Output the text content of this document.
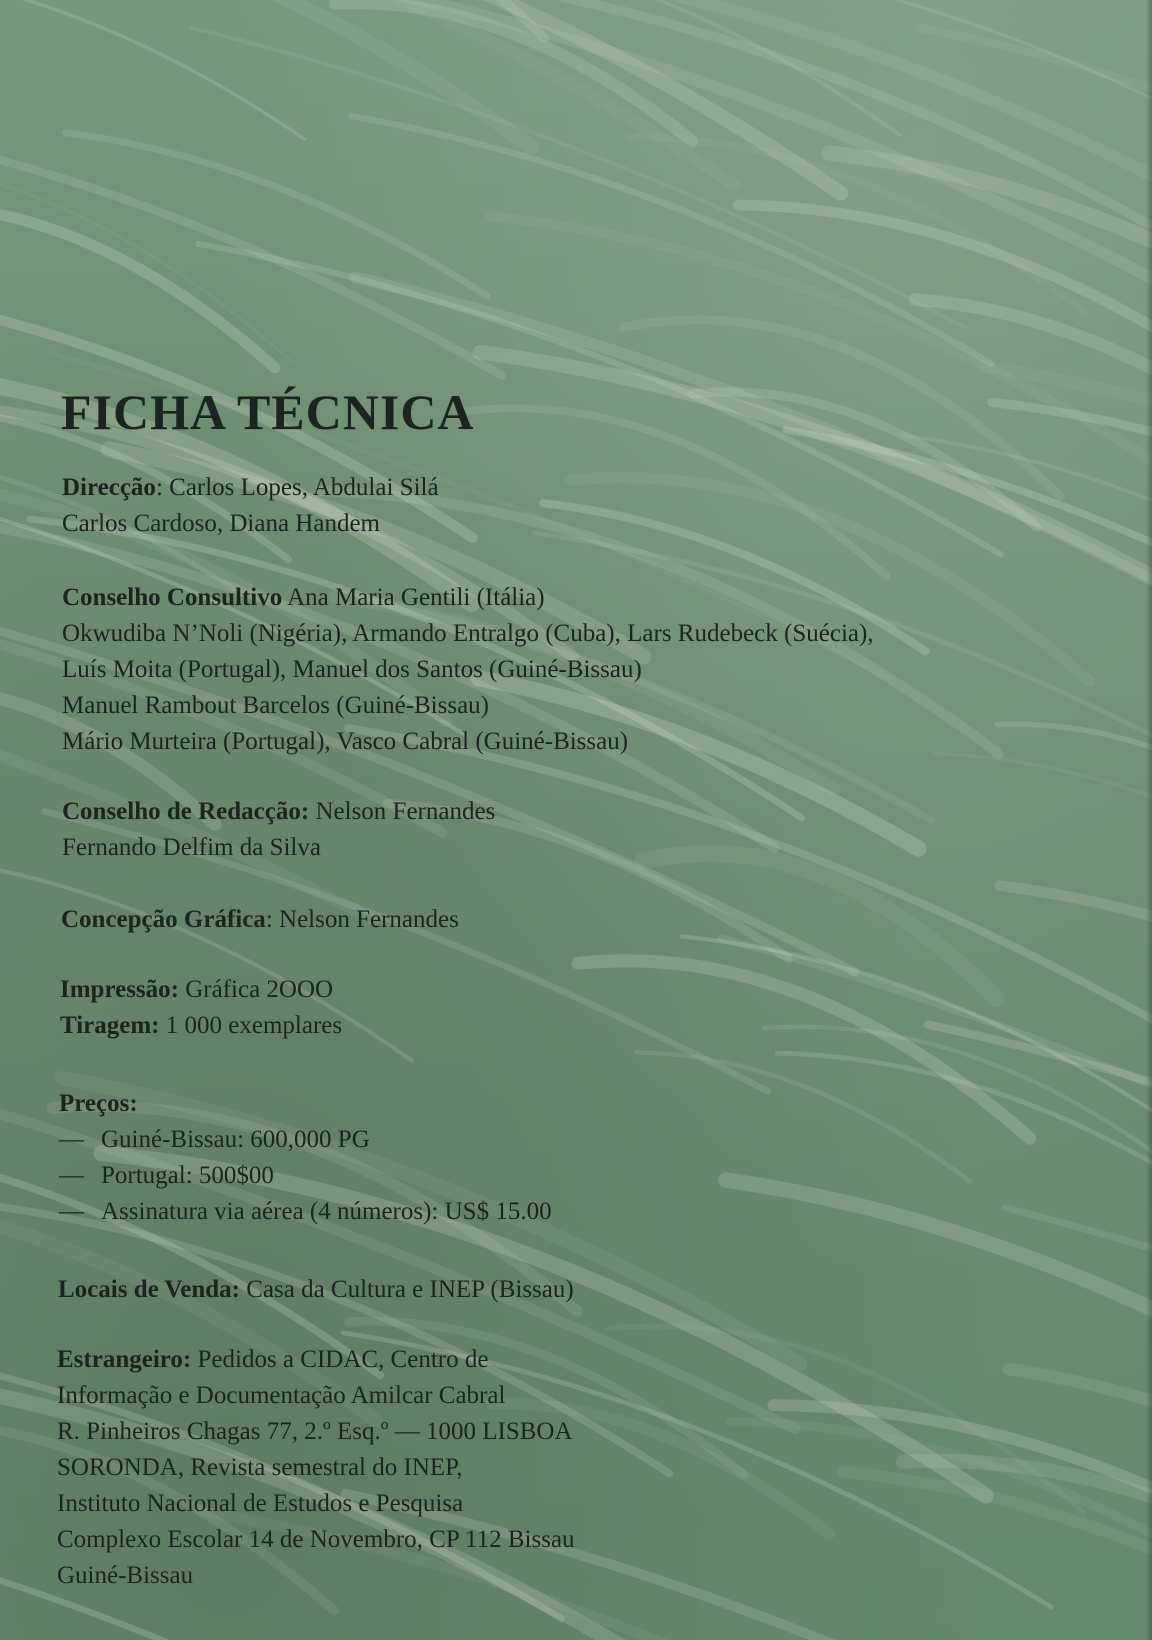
FICHA TÉCNICA

Direcção: Carlos Lopes, Abdulai Silá
Carlos Cardoso, Diana Handem

Conselho Consultivo Ana Maria Gentili (Itália)
Okwudiba N’Noli (Nigéria), Armando Entralgo (Cuba), Lars Rudebeck (Suécia),
Luís Moita (Portugal), Manuel dos Santos (Guiné-Bissau)
Manuel Rambout Barcelos (Guiné-Bissau)
Mário Murteira (Portugal), Vasco Cabral (Guiné-Bissau)

Conselho de Redacção: Nelson Fernandes
Fernando Delfim da Silva

Concepção Gráfica: Nelson Fernandes

Impressão: Gráfica 2OOO
Tiragem: 1 000 exemplares

Preços:
— Guiné-Bissau: 600,000 PG
— Portugal: 500$00
— Assinatura via aérea (4 números): US$ 15.00

Locais de Venda: Casa da Cultura e INEP (Bissau)

Estrangeiro: Pedidos a CIDAC, Centro de
Informação e Documentação Amilcar Cabral
R. Pinheiros Chagas 77, 2.º Esq.º — 1000 LISBOA
SORONDA, Revista semestral do INEP,
Instituto Nacional de Estudos e Pesquisa
Complexo Escolar 14 de Novembro, CP 112 Bissau
Guiné-Bissau
